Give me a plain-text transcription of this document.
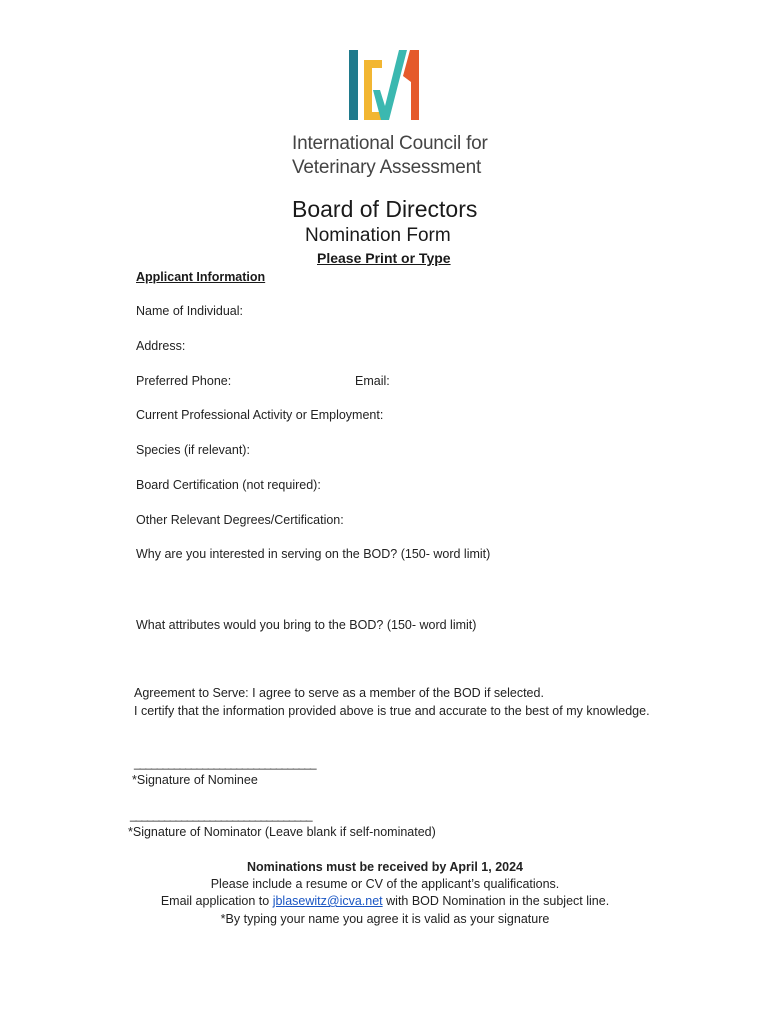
International Council for
Veterinary Assessment
Board of Directors
Nomination Form
Please Print or Type
Applicant Information
Name of Individual:
Address:
Preferred Phone:	Email:
Current Professional Activity or Employment:
Species (if relevant):
Board Certification (not required):
Other Relevant Degrees/Certification:
Why are you interested in serving on the BOD? (150- word limit)
What attributes would you bring to the BOD? (150- word limit)
Agreement to Serve: I agree to serve as a member of the BOD if selected.
I certify that the information provided above is true and accurate to the best of my knowledge.
________________________________
*Signature of Nominee
________________________________
*Signature of Nominator (Leave blank if self-nominated)
Nominations must be received by April 1, 2024
Please include a resume or CV of the applicant’s qualifications.
Email application to jblasewitz@icva.net with BOD Nomination in the subject line.
*By typing your name you agree it is valid as your signature
